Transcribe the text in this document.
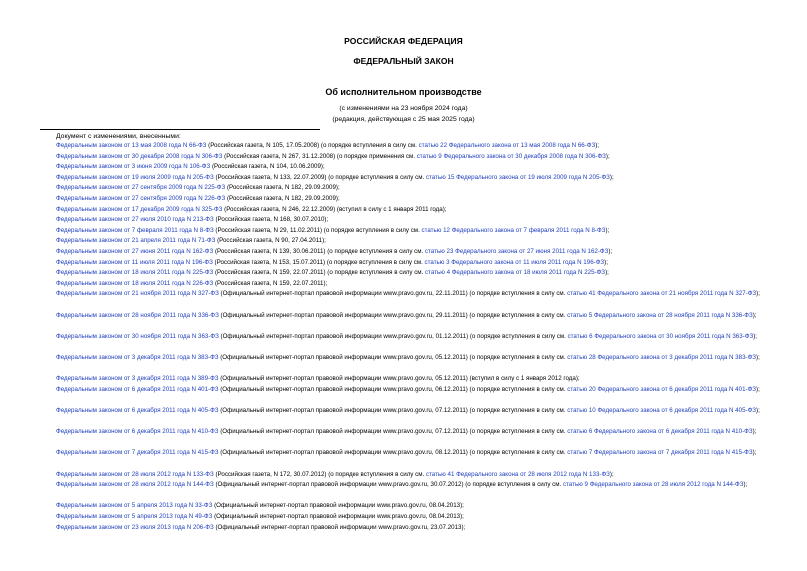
РОССИЙСКАЯ ФЕДЕРАЦИЯ
ФЕДЕРАЛЬНЫЙ ЗАКОН
Об исполнительном производстве
(с изменениями на 23 ноября 2024 года)
(редакция, действующая с 25 мая 2025 года)
Документ с изменениями, внесенными:
Федеральным законом от 13 мая 2008 года N 66-ФЗ (Российская газета, N 105, 17.05.2008) (о порядке вступления в силу см. статью 22 Федерального закона от 13 мая 2008 года N 66-ФЗ);
Федеральным законом от 30 декабря 2008 года N 306-ФЗ (Российская газета, N 267, 31.12.2008) (о порядке применения см. статью 9 Федерального закона от 30 декабря 2008 года N 306-ФЗ);
Федеральным законом от 3 июня 2009 года N 106-ФЗ (Российская газета, N 104, 10.06.2009);
Федеральным законом от 19 июля 2009 года N 205-ФЗ (Российская газета, N 133, 22.07.2009) (о порядке вступления в силу см. статью 15 Федерального закона от 19 июля 2009 года N 205-ФЗ);
Федеральным законом от 27 сентября 2009 года N 225-ФЗ (Российская газета, N 182, 29.09.2009);
Федеральным законом от 27 сентября 2009 года N 226-ФЗ (Российская газета, N 182, 29.09.2009);
Федеральным законом от 17 декабря 2009 года N 325-ФЗ (Российская газета, N 246, 22.12.2009) (вступил в силу с 1 января 2011 года);
Федеральным законом от 27 июля 2010 года N 213-ФЗ (Российская газета, N 168, 30.07.2010);
Федеральным законом от 7 февраля 2011 года N 8-ФЗ (Российская газета, N 29, 11.02.2011) (о порядке вступления в силу см. статью 12 Федерального закона от 7 февраля 2011 года N 8-ФЗ);
Федеральным законом от 21 апреля 2011 года N 71-ФЗ (Российская газета, N 90, 27.04.2011);
Федеральным законом от 27 июня 2011 года N 162-ФЗ (Российская газета, N 139, 30.06.2011) (о порядке вступления в силу см. статью 23 Федерального закона от 27 июня 2011 года N 162-ФЗ);
Федеральным законом от 11 июля 2011 года N 196-ФЗ (Российская газета, N 153, 15.07.2011) (о порядке вступления в силу см. статью 3 Федерального закона от 11 июля 2011 года N 196-ФЗ);
Федеральным законом от 18 июля 2011 года N 225-ФЗ (Российская газета, N 159, 22.07.2011) (о порядке вступления в силу см. статью 4 Федерального закона от 18 июля 2011 года N 225-ФЗ);
Федеральным законом от 18 июля 2011 года N 226-ФЗ (Российская газета, N 159, 22.07.2011);
Федеральным законом от 21 ноября 2011 года N 327-ФЗ (Официальный интернет-портал правовой информации www.pravo.gov.ru, 22.11.2011) (о порядке вступления в силу см. статью 41 Федерального закона от 21 ноября 2011 года N 327-ФЗ);
Федеральным законом от 28 ноября 2011 года N 336-ФЗ (Официальный интернет-портал правовой информации www.pravo.gov.ru, 29.11.2011) (о порядке вступления в силу см. статью 5 Федерального закона от 28 ноября 2011 года N 336-ФЗ);
Федеральным законом от 30 ноября 2011 года N 363-ФЗ (Официальный интернет-портал правовой информации www.pravo.gov.ru, 01.12.2011) (о порядке вступления в силу см. статью 6 Федерального закона от 30 ноября 2011 года N 363-ФЗ);
Федеральным законом от 3 декабря 2011 года N 383-ФЗ (Официальный интернет-портал правовой информации www.pravo.gov.ru, 05.12.2011) (о порядке вступления в силу см. статью 28 Федерального закона от 3 декабря 2011 года N 383-ФЗ);
Федеральным законом от 3 декабря 2011 года N 389-ФЗ (Официальный интернет-портал правовой информации www.pravo.gov.ru, 05.12.2011) (вступил в силу с 1 января 2012 года);
Федеральным законом от 6 декабря 2011 года N 401-ФЗ (Официальный интернет-портал правовой информации www.pravo.gov.ru, 06.12.2011) (о порядке вступления в силу см. статью 20 Федерального закона от 6 декабря 2011 года N 401-ФЗ);
Федеральным законом от 6 декабря 2011 года N 405-ФЗ (Официальный интернет-портал правовой информации www.pravo.gov.ru, 07.12.2011) (о порядке вступления в силу см. статью 10 Федерального закона от 6 декабря 2011 года N 405-ФЗ);
Федеральным законом от 6 декабря 2011 года N 410-ФЗ (Официальный интернет-портал правовой информации www.pravo.gov.ru, 07.12.2011) (о порядке вступления в силу см. статью 6 Федерального закона от 6 декабря 2011 года N 410-ФЗ);
Федеральным законом от 7 декабря 2011 года N 415-ФЗ (Официальный интернет-портал правовой информации www.pravo.gov.ru, 08.12.2011) (о порядке вступления в силу см. статью 7 Федерального закона от 7 декабря 2011 года N 415-ФЗ);
Федеральным законом от 28 июля 2012 года N 133-ФЗ (Российская газета, N 172, 30.07.2012) (о порядке вступления в силу см. статью 41 Федерального закона от 28 июля 2012 года N 133-ФЗ);
Федеральным законом от 28 июля 2012 года N 144-ФЗ (Официальный интернет-портал правовой информации www.pravo.gov.ru, 30.07.2012) (о порядке вступления в силу см. статью 9 Федерального закона от 28 июля 2012 года N 144-ФЗ);
Федеральным законом от 5 апреля 2013 года N 33-ФЗ (Официальный интернет-портал правовой информации www.pravo.gov.ru, 08.04.2013);
Федеральным законом от 5 апреля 2013 года N 49-ФЗ (Официальный интернет-портал правовой информации www.pravo.gov.ru, 08.04.2013);
Федеральным законом от 23 июля 2013 года N 206-ФЗ (Официальный интернет-портал правовой информации www.pravo.gov.ru, 23.07.2013);
